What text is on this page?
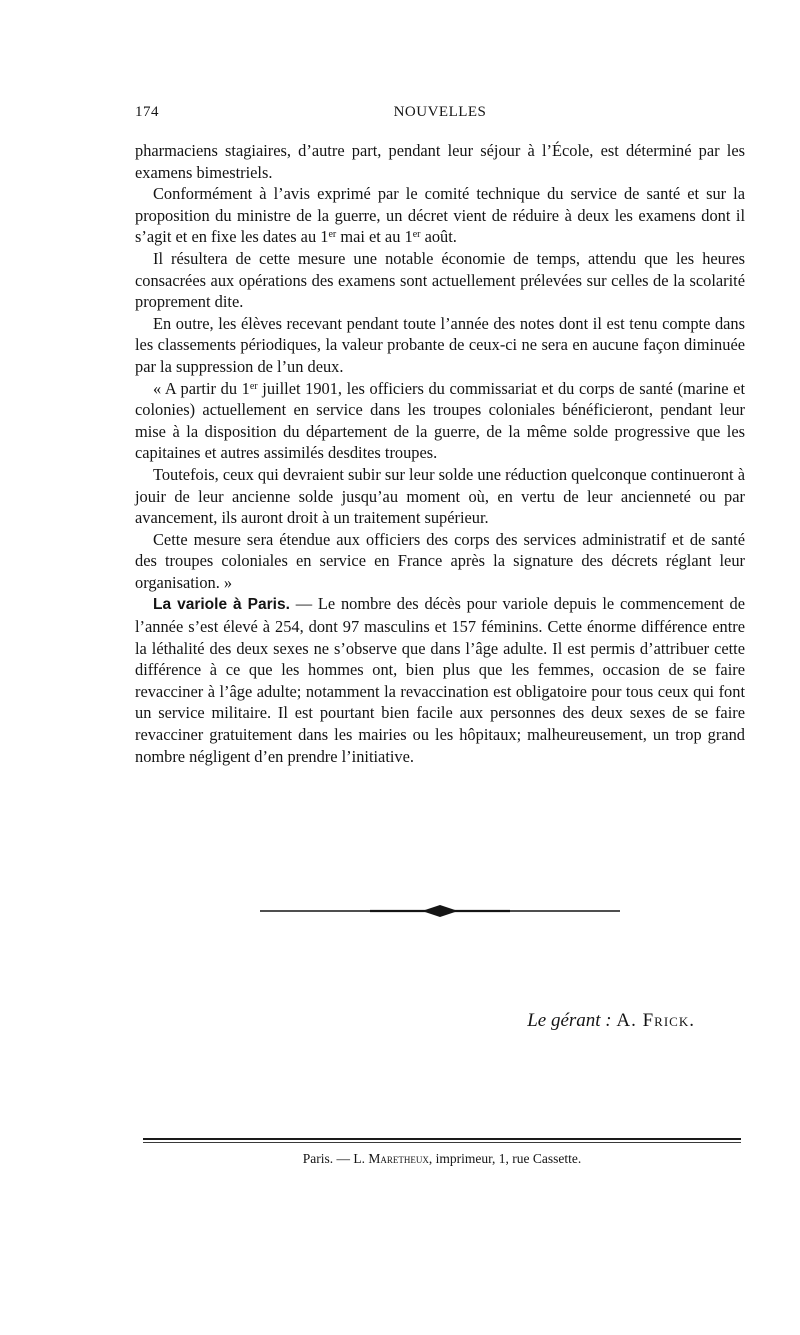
174	NOUVELLES

pharmaciens stagiaires, d’autre part, pendant leur séjour à l’École, est déterminé par les examens bimestriels.

Conformément à l’avis exprimé par le comité technique du service de santé et sur la proposition du ministre de la guerre, un décret vient de réduire à deux les examens dont il s’agit et en fixe les dates au 1er mai et au 1er août.

Il résultera de cette mesure une notable économie de temps, attendu que les heures consacrées aux opérations des examens sont actuellement prélevées sur celles de la scolarité proprement dite.

En outre, les élèves recevant pendant toute l’année des notes dont il est tenu compte dans les classements périodiques, la valeur probante de ceux-ci ne sera en aucune façon diminuée par la suppression de l’un deux.

« A partir du 1er juillet 1901, les officiers du commissariat et du corps de santé (marine et colonies) actuellement en service dans les troupes coloniales bénéficieront, pendant leur mise à la disposition du département de la guerre, de la même solde progressive que les capitaines et autres assimilés desdites troupes.

Toutefois, ceux qui devraient subir sur leur solde une réduction quelconque continueront à jouir de leur ancienne solde jusqu’au moment où, en vertu de leur ancienneté ou par avancement, ils auront droit à un traitement supérieur.

Cette mesure sera étendue aux officiers des corps des services administratif et de santé des troupes coloniales en service en France après la signature des décrets réglant leur organisation. »

La variole à Paris. — Le nombre des décès pour variole depuis le commencement de l’année s’est élevé à 254, dont 97 masculins et 157 féminins. Cette énorme différence entre la léthalité des deux sexes ne s’observe que dans l’âge adulte. Il est permis d’attribuer cette différence à ce que les hommes ont, bien plus que les femmes, occasion de se faire revacciner à l’âge adulte; notamment la revaccination est obligatoire pour tous ceux qui font un service militaire. Il est pourtant bien facile aux personnes des deux sexes de se faire revacciner gratuitement dans les mairies ou les hôpitaux; malheureusement, un trop grand nombre négligent d’en prendre l’initiative.

Le gérant : A. Frick.
Paris. — L. Maretheux, imprimeur, 1, rue Cassette.
